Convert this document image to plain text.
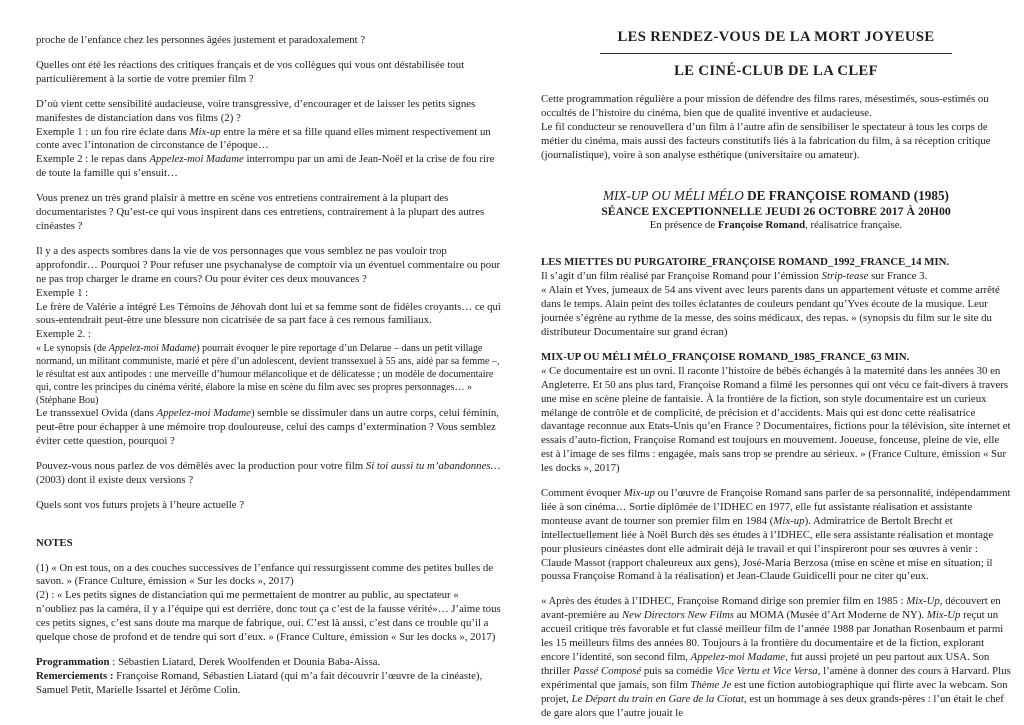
proche de l’enfance chez les personnes âgées justement et paradoxalement ?

Quelles ont été les réactions des critiques français et de vos collègues qui vous ont déstabilisée tout particulièrement à la sortie de votre premier film ?

D’où vient cette sensibilité audacieuse, voire transgressive, d’encourager et de laisser les petits signes manifestes de distanciation dans vos films (2) ?

Exemple 1 : un fou rire éclate dans Mix-up entre la mère et sa fille quand elles miment respectivement un conte avec l’intonation de circonstance de l’époque…

Exemple 2 : le repas dans Appelez-moi Madame interrompu par un ami de Jean-Noël et la crise de fou rire de toute la famille qui s’ensuit…

Vous prenez un très grand plaisir à mettre en scène vos entretiens contrairement à la plupart des documentaristes ? Qu’est-ce qui vous inspirent dans ces entretiens, contrairement à la plupart des autres cinéastes ?

Il y a des aspects sombres dans la vie de vos personnages que vous semblez ne pas vouloir trop approfondir… Pourquoi ? Pour refuser une psychanalyse de comptoir via un éventuel commentaire ou pour ne pas trop charger le drame en cours? Ou pour éviter ces deux mouvances ?

Exemple 1 :

Le frère de Valérie a intégré Les Témoins de Jéhovah dont lui et sa femme sont de fidèles croyants… ce qui sous-entendrait peut-être une blessure non cicatrisée de sa part face à ces remous familiaux.

Exemple 2. :

« Le synopsis (de Appelez-moi Madame) pourrait évoquer le pire reportage d’un Delarue – dans un petit village normand, un militant communiste, marié et père d’un adolescent, devient transsexuel à 55 ans, aidé par sa femme –, le résultat est aux antipodes : une merveille d’humour mélancolique et de délicatesse ; un modèle de documentaire qui, contre les principes du cinéma vérité, élabore la mise en scène du film avec ses propres personnages… » (Stéphane Bou)

Le transsexuel Ovida (dans Appelez-moi Madame) semble se dissimuler dans un autre corps, celui féminin, peut-être pour échapper à une mémoire trop douloureuse, celui des camps d’extermination ? Vous semblez éviter cette question, pourquoi ?

Pouvez-vous nous parlez de vos démêlés avec la production pour votre film Si toi aussi tu m’abandonnes… (2003) dont il existe deux versions ?

Quels sont vos futurs projets à l’heure actuelle ?

NOTES

(1) « On est tous, on a des couches successives de l’enfance qui ressurgissent comme des petites bulles de savon. » (France Culture, émission « Sur les docks », 2017)

(2) : « Les petits signes de distanciation qui me permettaient de montrer au public, au spectateur « n’oubliez pas la caméra, il y a l’équipe qui est derrière, donc tout ça c’est de la fausse vérité»… J’aime tous ces petits signes, c’est sans doute ma marque de fabrique, oui. C’est là aussi, c’est dans ce trouble qu’il a quelque chose de profond et de tendre qui sort d’eux. » (France Culture, émission « Sur les docks », 2017)

Programmation : Sébastien Liatard, Derek Woolfenden et Dounia Baba-Aissa.

Remerciements : Françoise Romand, Sébastien Liatard (qui m’a fait découvrir l’œuvre de la cinéaste), Samuel Petit, Marielle Issartel et Jérôme Colin.

LES RENDEZ-VOUS DE LA MORT JOYEUSE
LE CINÉ-CLUB DE LA CLEF

Cette programmation régulière a pour mission de défendre des films rares, mésestimés, sous-estimés ou occultés de l’histoire du cinéma, bien que de qualité inventive et audacieuse.

Le fil conducteur se renouvellera d’un film à l’autre afin de sensibiliser le spectateur à tous les corps de métier du cinéma, mais aussi des facteurs constitutifs liés à la fabrication du film, à sa réception critique (journalistique), voire à son analyse esthétique (universitaire ou amateur).

MIX-UP OU MÉLI MÉLO DE FRANÇOISE ROMAND (1985)

SÉANCE EXCEPTIONNELLE JEUDI 26 OCTOBRE 2017 À 20H00

En présence de Françoise Romand, réalisatrice française.

LES MIETTES DU PURGATOIRE_FRANÇOISE ROMAND_1992_FRANCE_14 MIN.

Il s’agit d’un film réalisé par Françoise Romand pour l’émission Strip-tease sur France 3.

« Alain et Yves, jumeaux de 54 ans vivent avec leurs parents dans un appartement vétuste et comme arrêté dans le temps. Alain peint des toiles éclatantes de couleurs pendant qu’Yves écoute de la musique. Leur journée s’égrène au rythme de la messe, des soins médicaux, des repas. » (synopsis du film sur le site du distributeur Documentaire sur grand écran)

MIX-UP OU MÉLI MÉLO_FRANÇOISE ROMAND_1985_FRANCE_63 MIN.

« Ce documentaire est un ovni. Il raconte l’histoire de bébés échangés à la maternité dans les années 30 en Angleterre. Et 50 ans plus tard, Françoise Romand a filmé les personnes qui ont vécu ce fait-divers à travers une mise en scène pleine de fantaisie. À la frontière de la fiction, son style documentaire est un curieux mélange de contrôle et de complicité, de précision et d’accidents. Mais qui est donc cette réalisatrice davantage reconnue aux Etats-Unis qu’en France ? Documentaires, fictions pour la télévision, site internet et essais d’auto-fiction, Françoise Romand est toujours en mouvement. Joueuse, fonceuse, pleine de vie, elle est à l’image de ses films : engagée, mais sans trop se prendre au sérieux. » (France Culture, émission « Sur les docks », 2017)

Comment évoquer Mix-up ou l’œuvre de Françoise Romand sans parler de sa personnalité, indépendamment liée à son cinéma… Sortie diplômée de l’IDHEC en 1977, elle fut assistante réalisation et assistante monteuse avant de tourner son premier film en 1984 (Mix-up). Admiratrice de Bertolt Brecht et intellectuellement liée à Noël Burch dès ses études à l’IDHEC, elle sera assistante réalisation et montage pour plusieurs cinéastes dont elle admirait déjà le travail et qui l’inspireront pour ses œuvres à venir : Claude Massot (rapport chaleureux aux gens), José-Maria Berzosa (mise en scène et mise en situation; il poussa Françoise Romand à la réalisation) et Jean-Claude Guidicelli pour ne citer qu’eux.

« Après des études à l’IDHEC, Françoise Romand dirige son premier film en 1985 : Mix-Up, découvert en avant-première au New Directors New Films au MOMA (Musée d’Art Moderne de NY). Mix-Up reçut un accueil critique très favorable et fut classé meilleur film de l’année 1988 par Jonathan Rosenbaum et parmi les 15 meilleurs films des années 80. Toujours à la frontière du documentaire et de la fiction, explorant encore l’identité, son second film, Appelez-moi Madame, fut aussi projeté un peu partout aux USA. Son thriller Passé Composé puis sa comédie Vice Vertu et Vice Versa, l’amène à donner des cours à Harvard. Plus expérimental que jamais, son film Thème Je est une fiction autobiographique qui flirte avec la webcam. Son projet, Le Départ du train en Gare de la Ciotat, est un hommage à ses deux grands-pères : l’un était le chef de gare alors que l’autre jouait le
